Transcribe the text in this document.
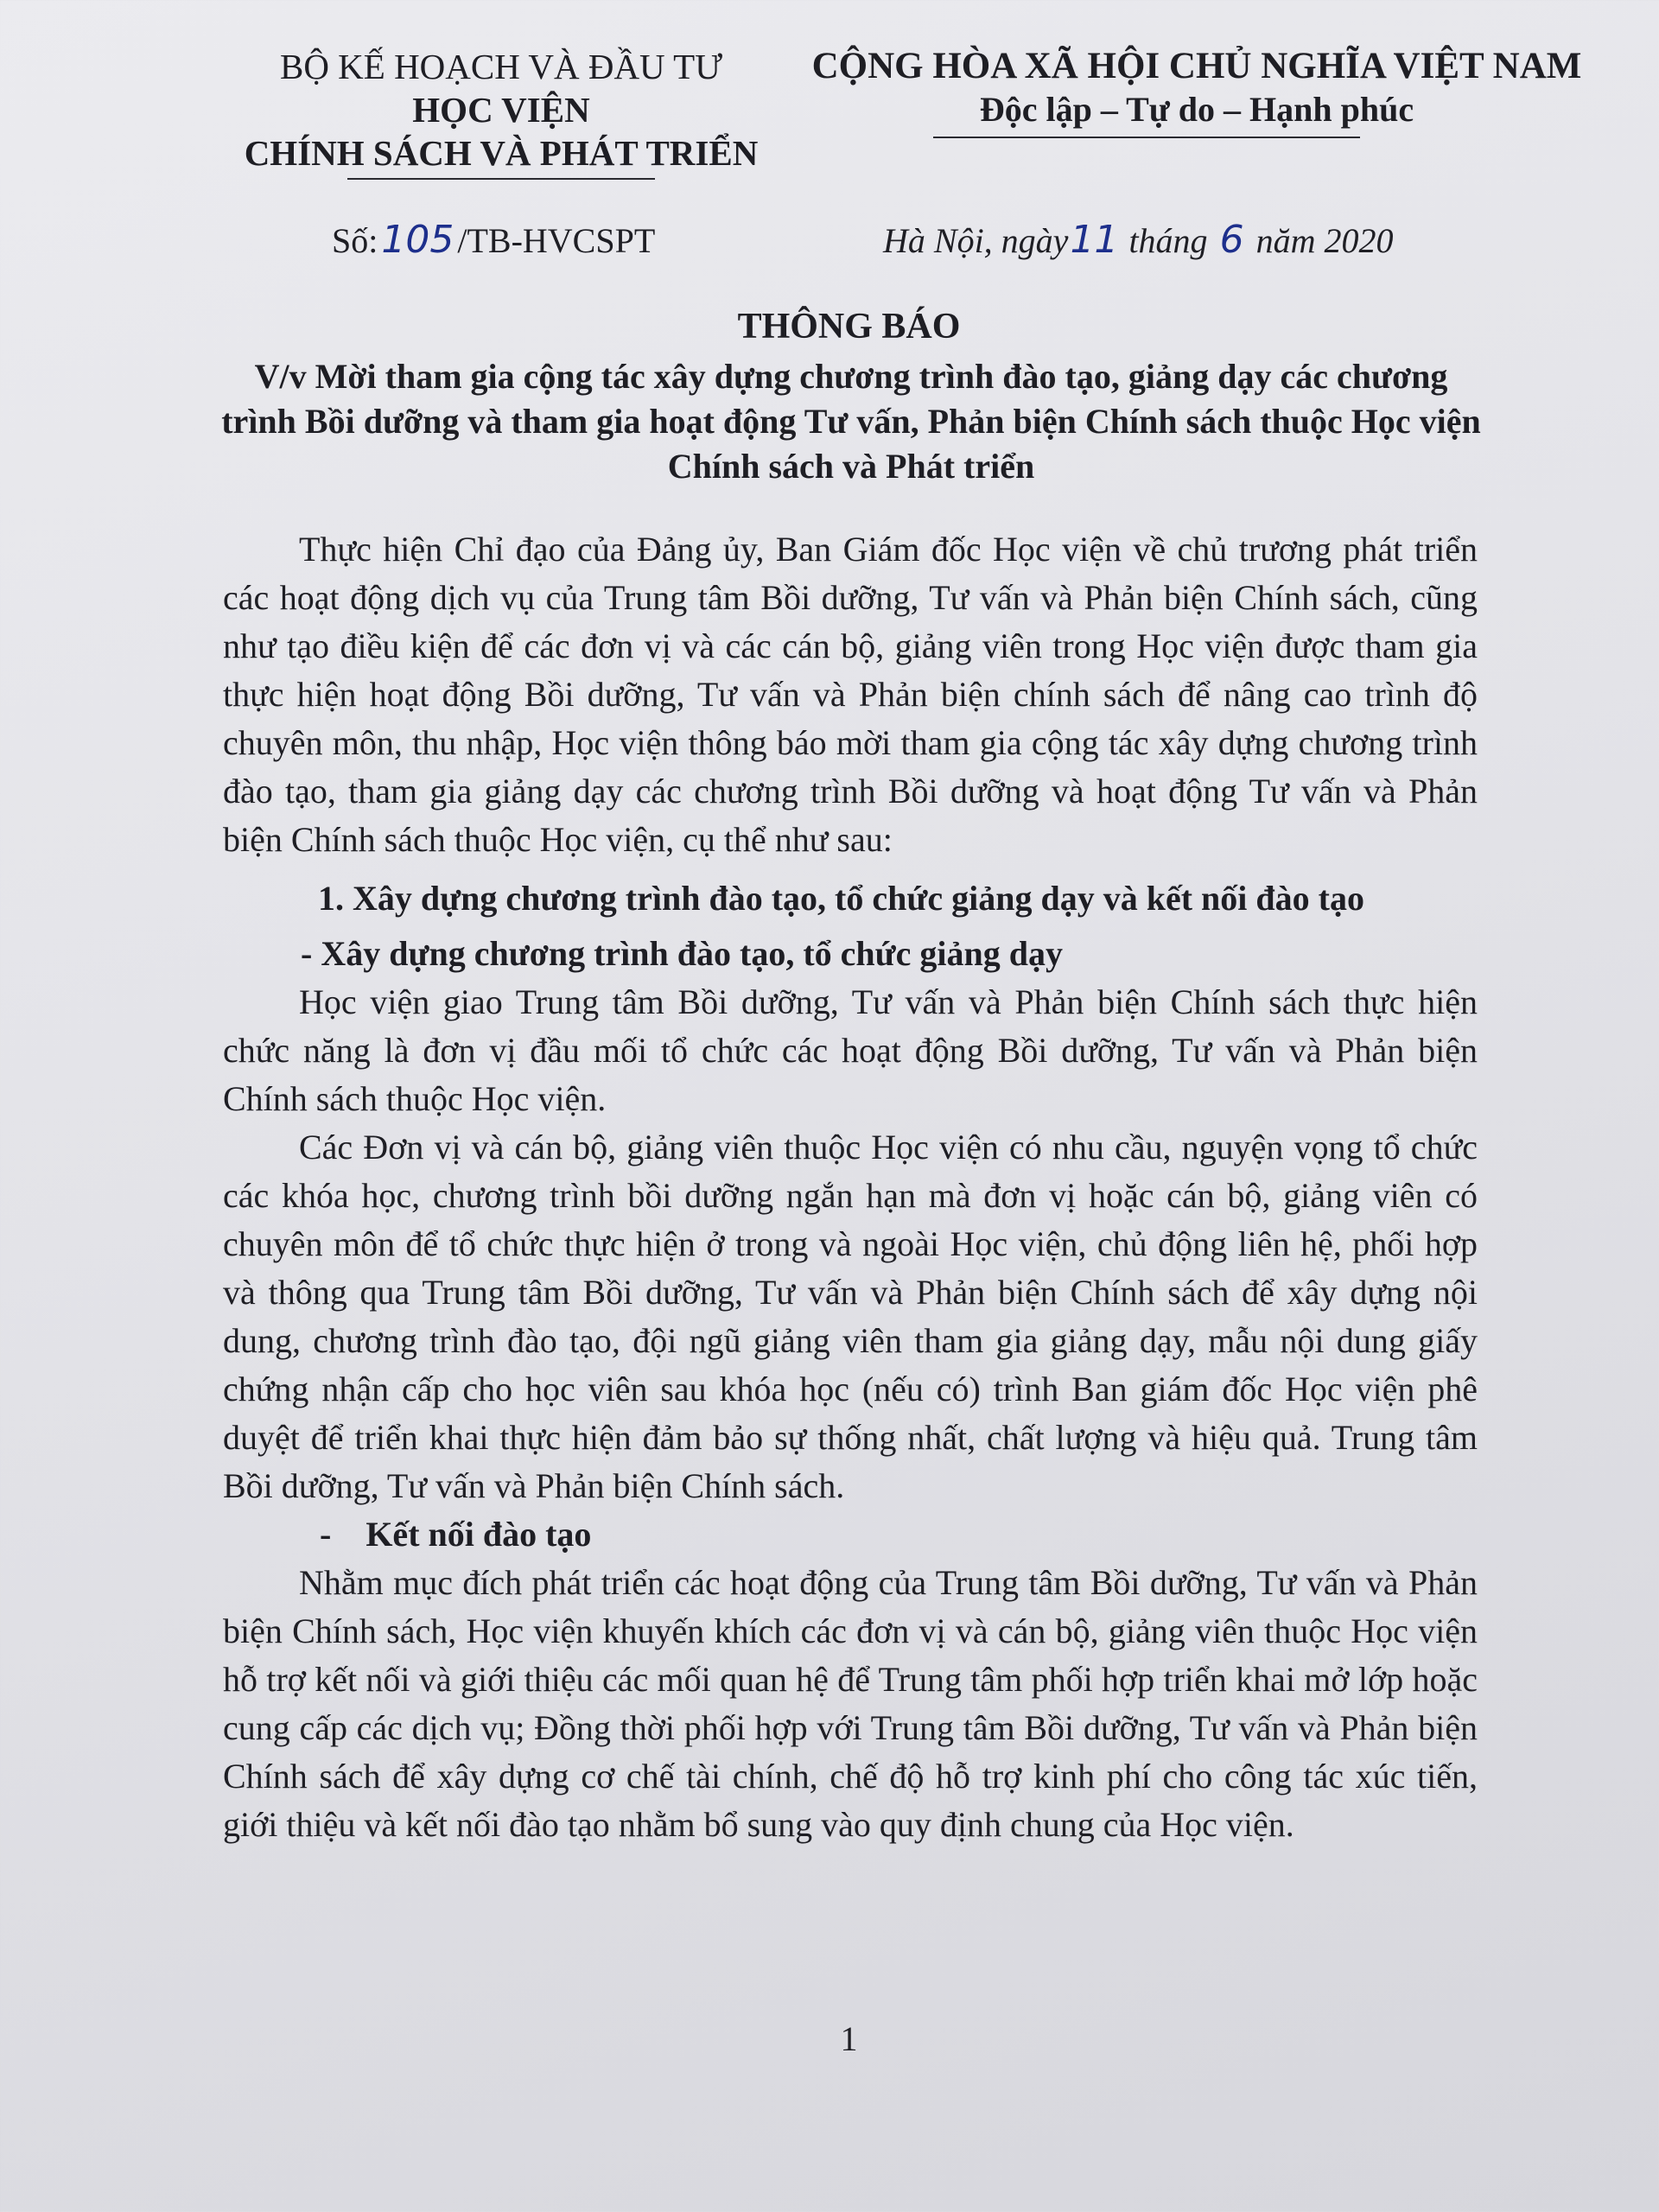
BỘ KẾ HOẠCH VÀ ĐẦU TƯ
HỌC VIỆN
CHÍNH SÁCH VÀ PHÁT TRIỂN
CỘNG HÒA XÃ HỘI CHỦ NGHĨA VIỆT NAM
Độc lập – Tự do – Hạnh phúc
Số:105 /TB-HVCSPT	Hà Nội, ngày11 tháng 6 năm 2020
THÔNG BÁO
V/v Mời tham gia cộng tác xây dựng chương trình đào tạo, giảng dạy các chương trình Bồi dưỡng và tham gia hoạt động Tư vấn, Phản biện Chính sách thuộc Học viện Chính sách và Phát triển

Thực hiện Chỉ đạo của Đảng ủy, Ban Giám đốc Học viện về chủ trương phát triển các hoạt động dịch vụ của Trung tâm Bồi dưỡng, Tư vấn và Phản biện Chính sách, cũng như tạo điều kiện để các đơn vị và các cán bộ, giảng viên trong Học viện được tham gia thực hiện hoạt động Bồi dưỡng, Tư vấn và Phản biện chính sách để nâng cao trình độ chuyên môn, thu nhập, Học viện thông báo mời tham gia cộng tác xây dựng chương trình đào tạo, tham gia giảng dạy các chương trình Bồi dưỡng và hoạt động Tư vấn và Phản biện Chính sách thuộc Học viện, cụ thể như sau:

1. Xây dựng chương trình đào tạo, tổ chức giảng dạy và kết nối đào tạo

- Xây dựng chương trình đào tạo, tổ chức giảng dạy

Học viện giao Trung tâm Bồi dưỡng, Tư vấn và Phản biện Chính sách thực hiện chức năng là đơn vị đầu mối tổ chức các hoạt động Bồi dưỡng, Tư vấn và Phản biện Chính sách thuộc Học viện.

Các Đơn vị và cán bộ, giảng viên thuộc Học viện có nhu cầu, nguyện vọng tổ chức các khóa học, chương trình bồi dưỡng ngắn hạn mà đơn vị hoặc cán bộ, giảng viên có chuyên môn để tổ chức thực hiện ở trong và ngoài Học viện, chủ động liên hệ, phối hợp và thông qua Trung tâm Bồi dưỡng, Tư vấn và Phản biện Chính sách để xây dựng nội dung, chương trình đào tạo, đội ngũ giảng viên tham gia giảng dạy, mẫu nội dung giấy chứng nhận cấp cho học viên sau khóa học (nếu có) trình Ban giám đốc Học viện phê duyệt để triển khai thực hiện đảm bảo sự thống nhất, chất lượng và hiệu quả. Trung tâm Bồi dưỡng, Tư vấn và Phản biện Chính sách.

-    Kết nối đào tạo

Nhằm mục đích phát triển các hoạt động của Trung tâm Bồi dưỡng, Tư vấn và Phản biện Chính sách, Học viện khuyến khích các đơn vị và cán bộ, giảng viên thuộc Học viện hỗ trợ kết nối và giới thiệu các mối quan hệ để Trung tâm phối hợp triển khai mở lớp hoặc cung cấp các dịch vụ; Đồng thời phối hợp với Trung tâm Bồi dưỡng, Tư vấn và Phản biện Chính sách để xây dựng cơ chế tài chính, chế độ hỗ trợ kinh phí cho công tác xúc tiến, giới thiệu và kết nối đào tạo nhằm bổ sung vào quy định chung của Học viện.

1
